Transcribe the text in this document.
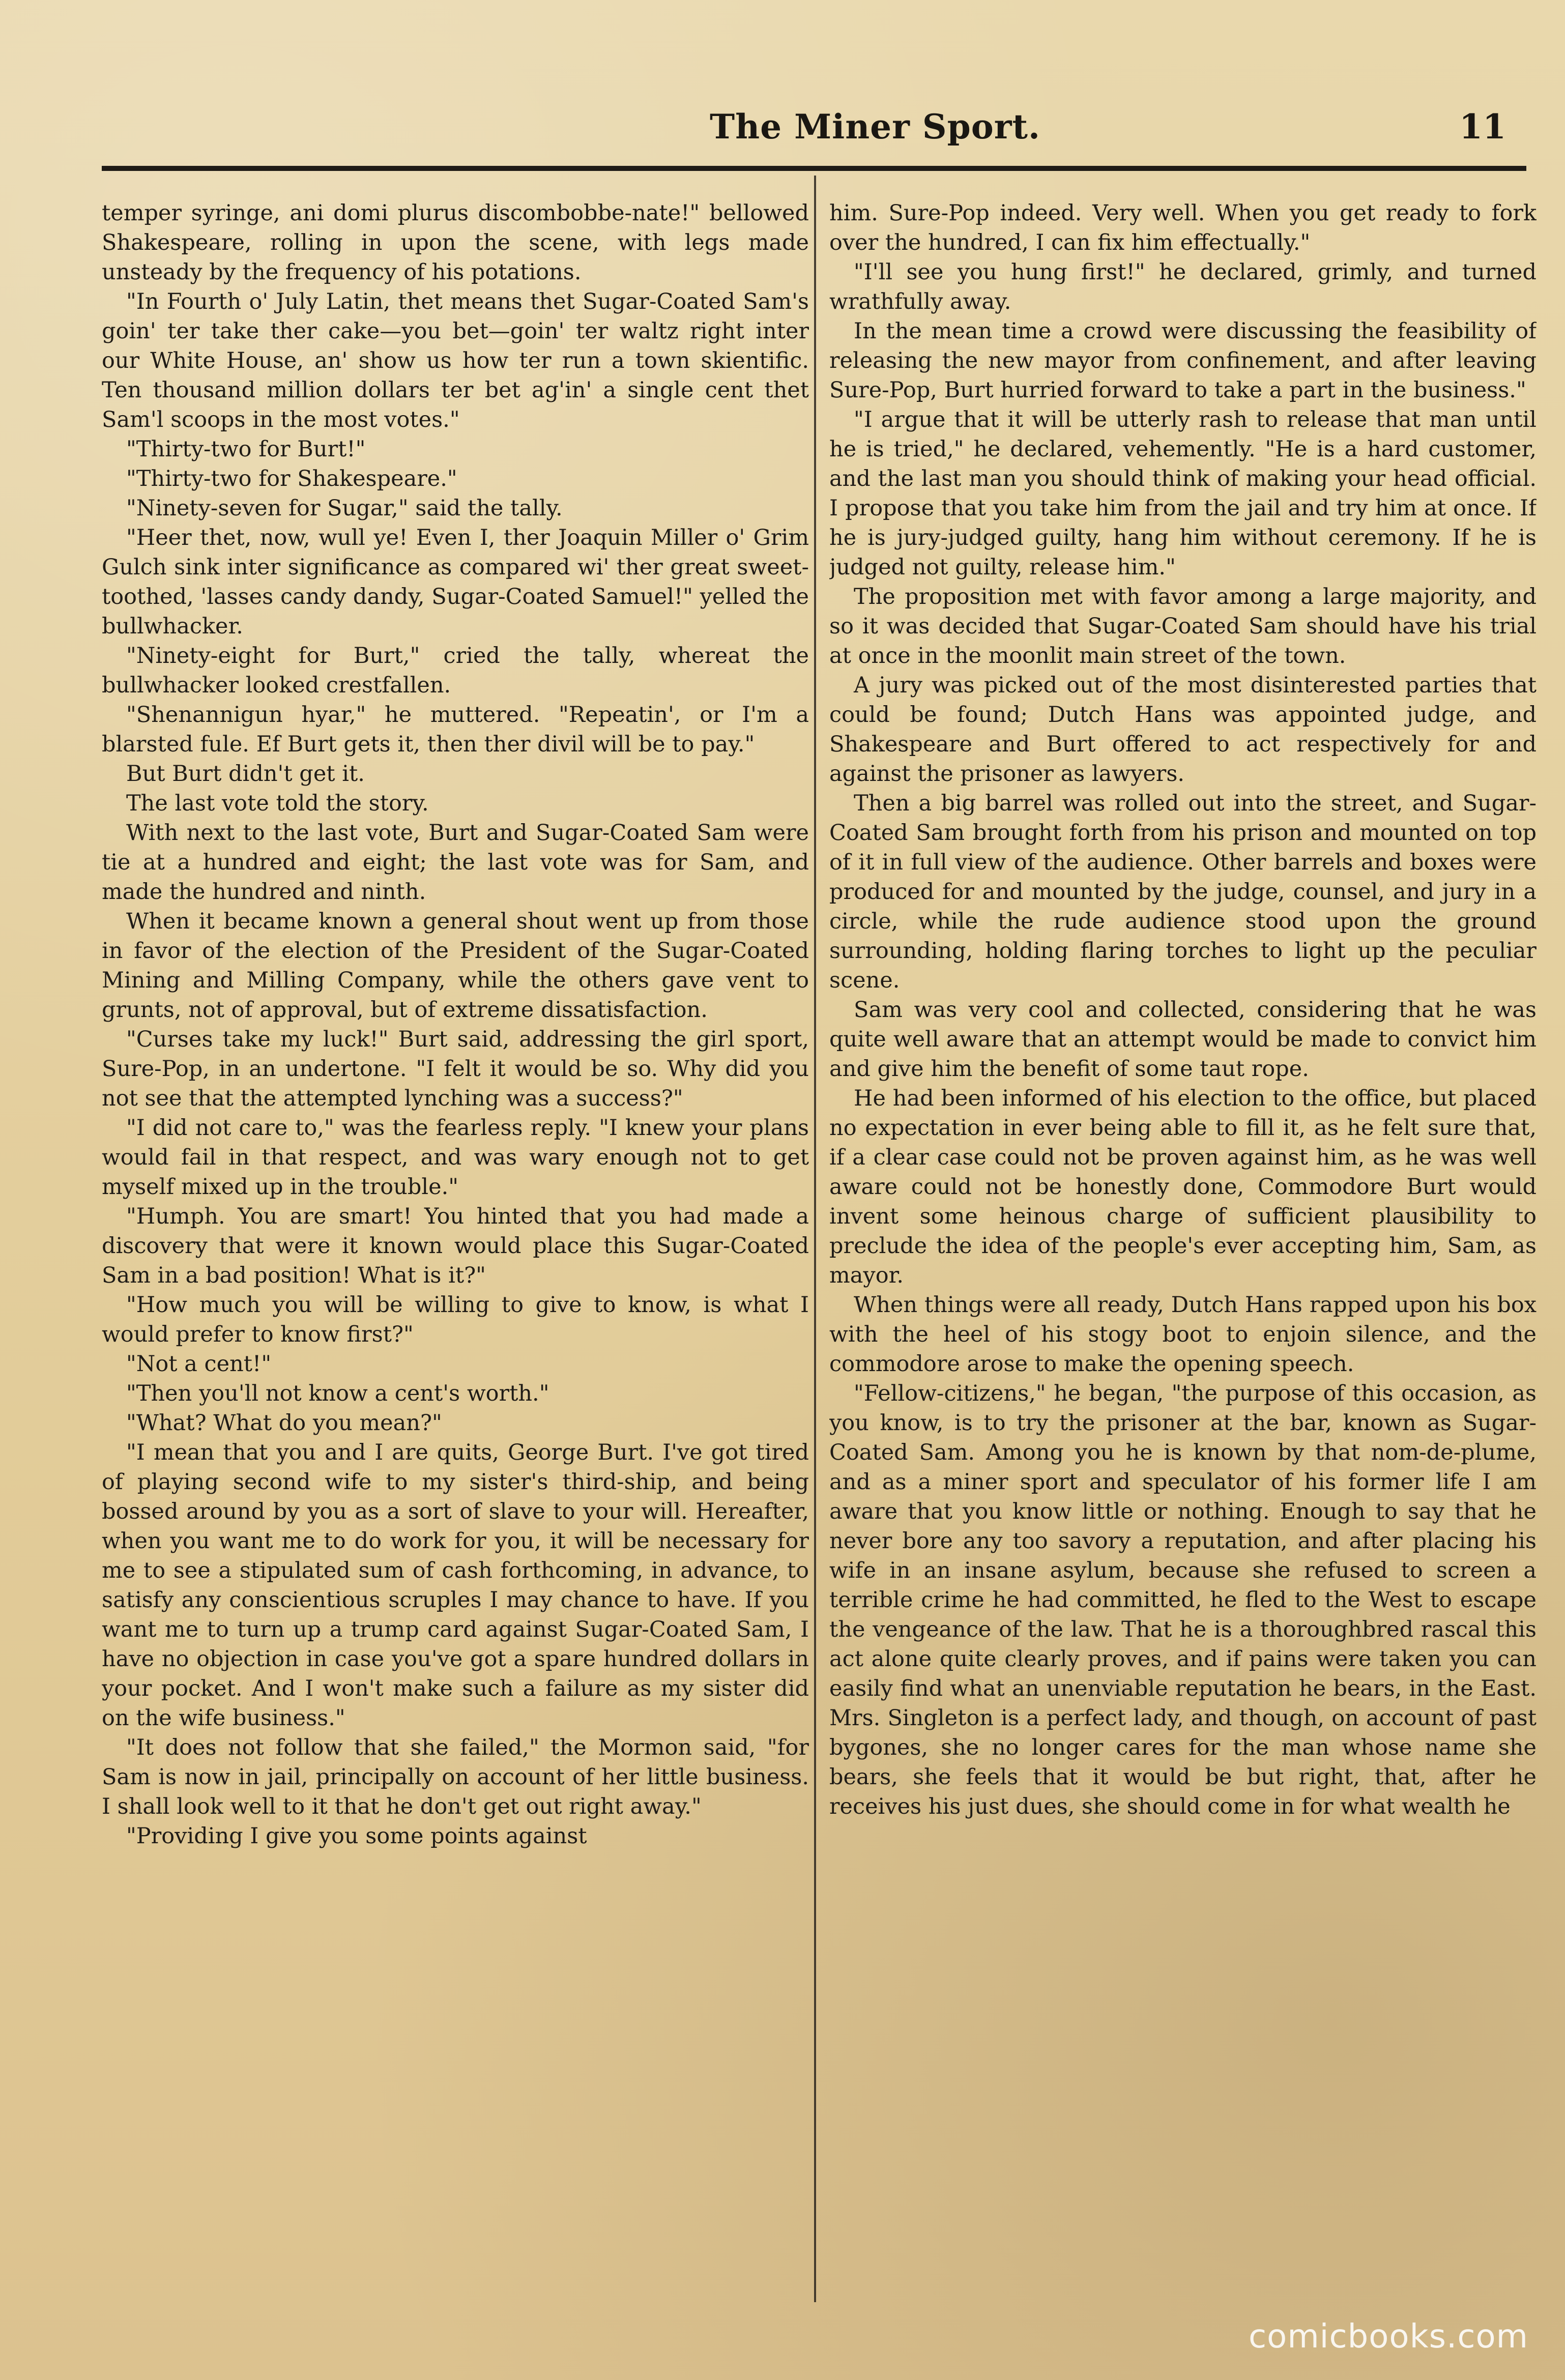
The Miner Sport.	11

temper syringe, ani domi plurus discombobbe-nate!" bellowed Shakespeare, rolling in upon the scene, with legs made unsteady by the frequency of his potations.

"In Fourth o' July Latin, thet means thet Sugar-Coated Sam's goin' ter take ther cake—you bet—goin' ter waltz right inter our White House, an' show us how ter run a town skientific. Ten thousand million dollars ter bet ag'in' a single cent thet Sam'l scoops in the most votes."

"Thirty-two for Burt!"

"Thirty-two for Shakespeare."

"Ninety-seven for Sugar," said the tally.

"Heer thet, now, wull ye! Even I, ther Joaquin Miller o' Grim Gulch sink inter significance as compared wi' ther great sweet-toothed, 'lasses candy dandy, Sugar-Coated Samuel!" yelled the bullwhacker.

"Ninety-eight for Burt," cried the tally, whereat the bullwhacker looked crestfallen.

"Shenannigun hyar," he muttered. "Repeatin', or I'm a blarsted fule. Ef Burt gets it, then ther divil will be to pay."

But Burt didn't get it.

The last vote told the story.

With next to the last vote, Burt and Sugar-Coated Sam were tie at a hundred and eight; the last vote was for Sam, and made the hundred and ninth.

When it became known a general shout went up from those in favor of the election of the President of the Sugar-Coated Mining and Milling Company, while the others gave vent to grunts, not of approval, but of extreme dissatisfaction.

"Curses take my luck!" Burt said, addressing the girl sport, Sure-Pop, in an undertone. "I felt it would be so. Why did you not see that the attempted lynching was a success?"

"I did not care to," was the fearless reply. "I knew your plans would fail in that respect, and was wary enough not to get myself mixed up in the trouble."

"Humph. You are smart! You hinted that you had made a discovery that were it known would place this Sugar-Coated Sam in a bad position! What is it?"

"How much you will be willing to give to know, is what I would prefer to know first?"

"Not a cent!"

"Then you'll not know a cent's worth."

"What? What do you mean?"

"I mean that you and I are quits, George Burt. I've got tired of playing second wife to my sister's third-ship, and being bossed around by you as a sort of slave to your will. Hereafter, when you want me to do work for you, it will be necessary for me to see a stipulated sum of cash forthcoming, in advance, to satisfy any conscientious scruples I may chance to have. If you want me to turn up a trump card against Sugar-Coated Sam, I have no objection in case you've got a spare hundred dollars in your pocket. And I won't make such a failure as my sister did on the wife business."

"It does not follow that she failed," the Mormon said, "for Sam is now in jail, principally on account of her little business. I shall look well to it that he don't get out right away."

"Providing I give you some points against

him. Sure-Pop indeed. Very well. When you get ready to fork over the hundred, I can fix him effectually."

"I'll see you hung first!" he declared, grimly, and turned wrathfully away.

In the mean time a crowd were discussing the feasibility of releasing the new mayor from confinement, and after leaving Sure-Pop, Burt hurried forward to take a part in the business."

"I argue that it will be utterly rash to release that man until he is tried," he declared, vehemently. "He is a hard customer, and the last man you should think of making your head official. I propose that you take him from the jail and try him at once. If he is jury-judged guilty, hang him without ceremony. If he is judged not guilty, release him."

The proposition met with favor among a large majority, and so it was decided that Sugar-Coated Sam should have his trial at once in the moonlit main street of the town.

A jury was picked out of the most disinterested parties that could be found; Dutch Hans was appointed judge, and Shakespeare and Burt offered to act respectively for and against the prisoner as lawyers.

Then a big barrel was rolled out into the street, and Sugar-Coated Sam brought forth from his prison and mounted on top of it in full view of the audience. Other barrels and boxes were produced for and mounted by the judge, counsel, and jury in a circle, while the rude audience stood upon the ground surrounding, holding flaring torches to light up the peculiar scene.

Sam was very cool and collected, considering that he was quite well aware that an attempt would be made to convict him and give him the benefit of some taut rope.

He had been informed of his election to the office, but placed no expectation in ever being able to fill it, as he felt sure that, if a clear case could not be proven against him, as he was well aware could not be honestly done, Commodore Burt would invent some heinous charge of sufficient plausibility to preclude the idea of the people's ever accepting him, Sam, as mayor.

When things were all ready, Dutch Hans rapped upon his box with the heel of his stogy boot to enjoin silence, and the commodore arose to make the opening speech.

"Fellow-citizens," he began, "the purpose of this occasion, as you know, is to try the prisoner at the bar, known as Sugar-Coated Sam. Among you he is known by that nom-de-plume, and as a miner sport and speculator of his former life I am aware that you know little or nothing. Enough to say that he never bore any too savory a reputation, and after placing his wife in an insane asylum, because she refused to screen a terrible crime he had committed, he fled to the West to escape the vengeance of the law. That he is a thoroughbred rascal this act alone quite clearly proves, and if pains were taken you can easily find what an unenviable reputation he bears, in the East. Mrs. Singleton is a perfect lady, and though, on account of past bygones, she no longer cares for the man whose name she bears, she feels that it would be but right, that, after he receives his just dues, she should come in for what wealth he

comicbooks.com
